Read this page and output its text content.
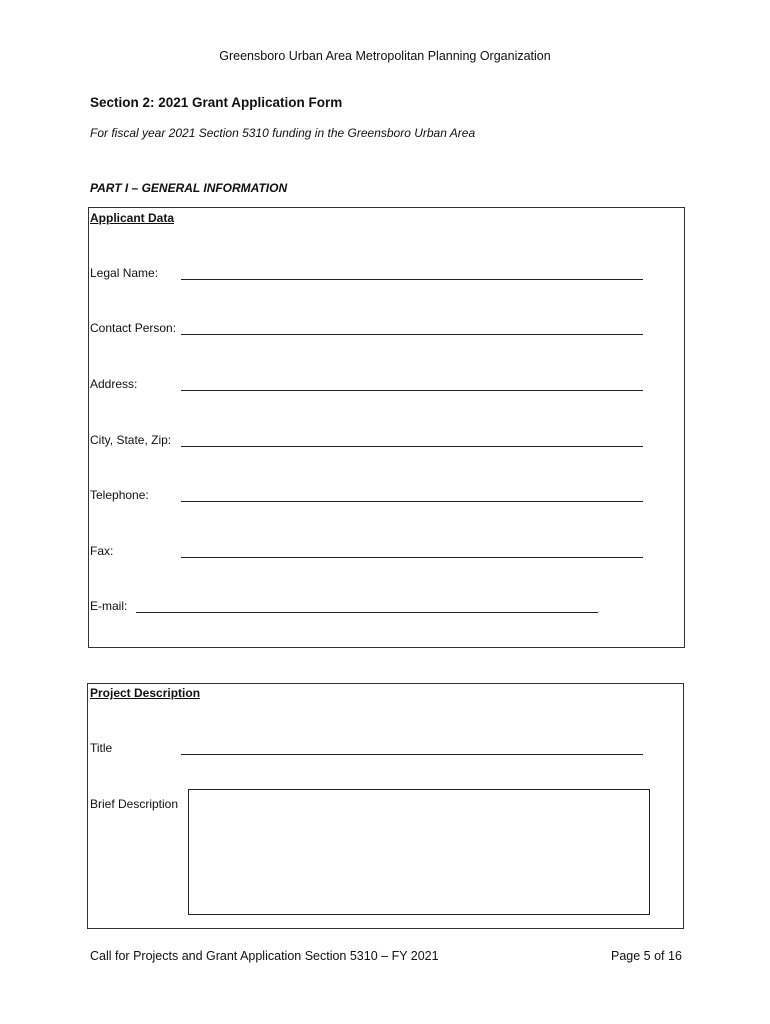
Greensboro Urban Area Metropolitan Planning Organization
Section 2: 2021 Grant Application Form
For fiscal year 2021 Section 5310 funding in the Greensboro Urban Area
PART I – GENERAL INFORMATION
Applicant Data
Legal Name:
Contact Person:
Address:
City, State, Zip:
Telephone:
Fax:
E-mail:
Project Description
Title
Brief Description
Call for Projects and Grant Application Section 5310 – FY 2021	Page 5 of 16
